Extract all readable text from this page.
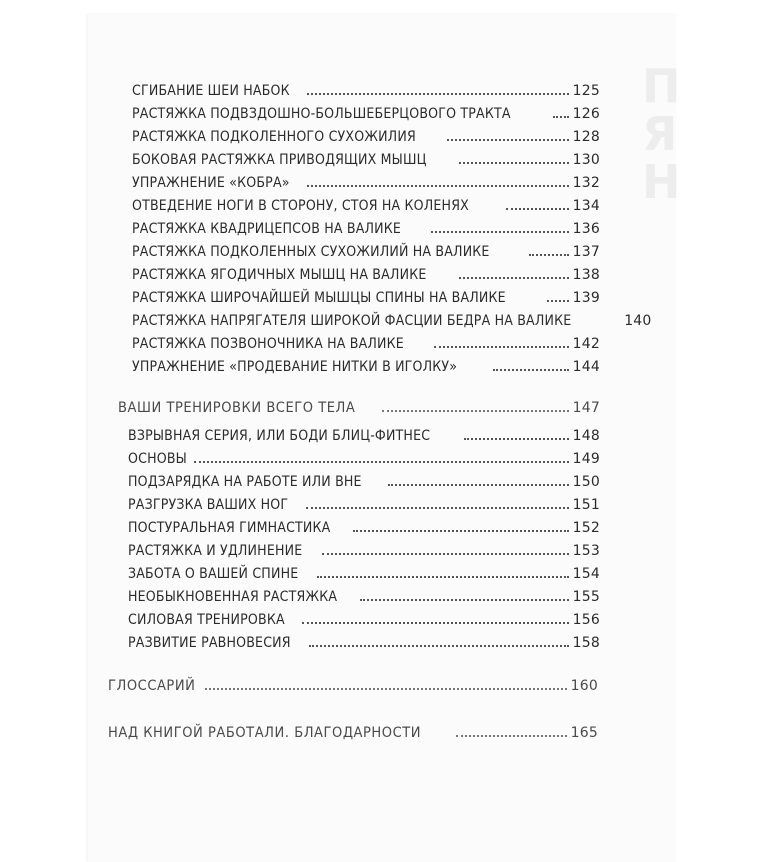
П
Я
Н
СГИБАНИЕ ШЕИ НАБОК	125
РАСТЯЖКА ПОДВЗДОШНО-БОЛЬШЕБЕРЦОВОГО ТРАКТА	126
РАСТЯЖКА ПОДКОЛЕННОГО СУХОЖИЛИЯ	128
БОКОВАЯ РАСТЯЖКА ПРИВОДЯЩИХ МЫШЦ	130
УПРАЖНЕНИЕ «КОБРА»	132
ОТВЕДЕНИЕ НОГИ В СТОРОНУ, СТОЯ НА КОЛЕНЯХ	134
РАСТЯЖКА КВАДРИЦЕПСОВ НА ВАЛИКЕ	136
РАСТЯЖКА ПОДКОЛЕННЫХ СУХОЖИЛИЙ НА ВАЛИКЕ	137
РАСТЯЖКА ЯГОДИЧНЫХ МЫШЦ НА ВАЛИКЕ	138
РАСТЯЖКА ШИРОЧАЙШЕЙ МЫШЦЫ СПИНЫ НА ВАЛИКЕ	139
РАСТЯЖКА НАПРЯГАТЕЛЯ ШИРОКОЙ ФАСЦИИ БЕДРА НА ВАЛИКЕ	140
РАСТЯЖКА ПОЗВОНОЧНИКА НА ВАЛИКЕ	142
УПРАЖНЕНИЕ «ПРОДЕВАНИЕ НИТКИ В ИГОЛКУ»	144
ВАШИ ТРЕНИРОВКИ ВСЕГО ТЕЛА	147
ВЗРЫВНАЯ СЕРИЯ, ИЛИ БОДИ БЛИЦ-ФИТНЕС	148
ОСНОВЫ	149
ПОДЗАРЯДКА НА РАБОТЕ ИЛИ ВНЕ	150
РАЗГРУЗКА ВАШИХ НОГ	151
ПОСТУРАЛЬНАЯ ГИМНАСТИКА	152
РАСТЯЖКА И УДЛИНЕНИЕ	153
ЗАБОТА О ВАШЕЙ СПИНЕ	154
НЕОБЫКНОВЕННАЯ РАСТЯЖКА	155
СИЛОВАЯ ТРЕНИРОВКА	156
РАЗВИТИЕ РАВНОВЕСИЯ	158
ГЛОССАРИЙ	160
НАД КНИГОЙ РАБОТАЛИ. БЛАГОДАРНОСТИ	165
